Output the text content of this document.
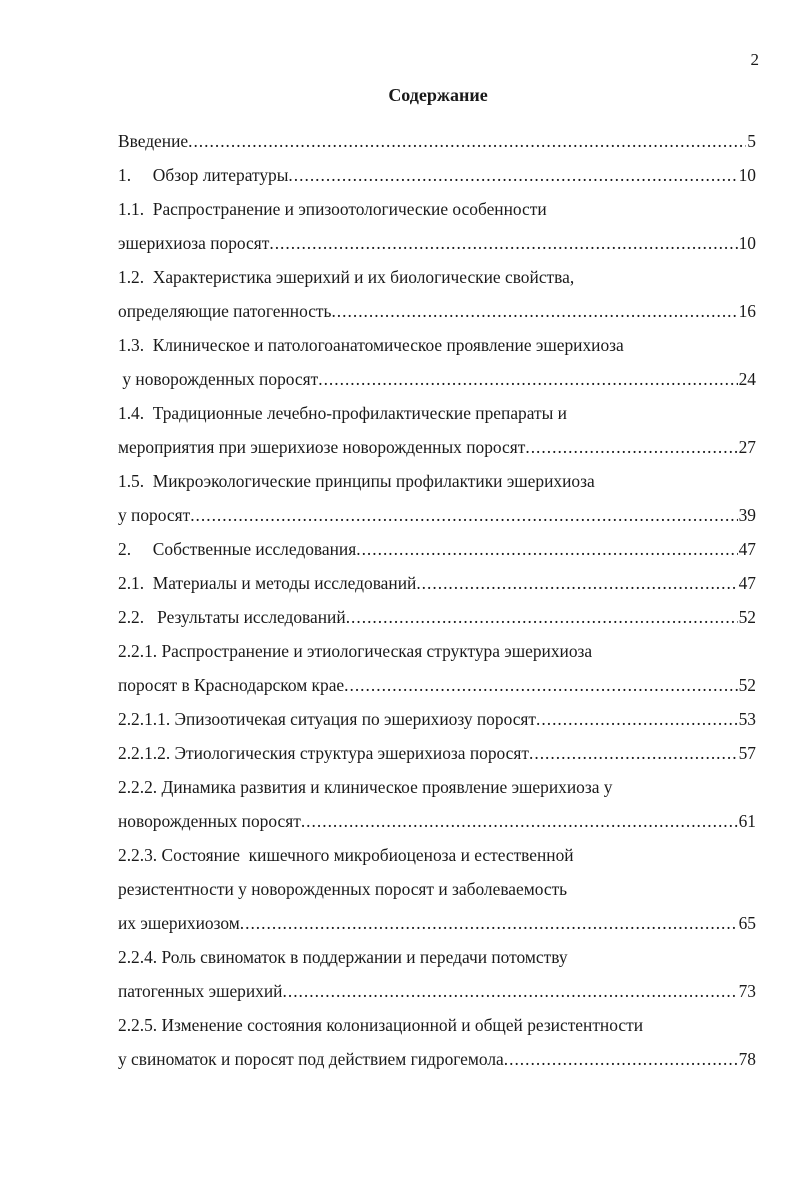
2
Содержание
Введение .....	5
1.     Обзор литературы .....	10
1.1.  Распространение и эпизоотологические особенности
эшерихиоза поросят .....	10
1.2.  Характеристика эшерихий и их биологические свойства,
определяющие патогенность .....	16
1.3.  Клиническое и патологоанатомическое проявление эшерихиоза
у новорожденных поросят .....	24
1.4.  Традиционные лечебно-профилактические препараты и
мероприятия при эшерихиозе новорожденных поросят .....	27
1.5.  Микроэкологические принципы профилактики эшерихиоза
у поросят .....	39
2.     Собственные исследования .....	47
2.1.  Материалы и методы исследований .....	47
2.2.   Результаты исследований .....	52
2.2.1. Распространение и этиологическая структура эшерихиоза
поросят в Краснодарском крае .....	52
2.2.1.1. Эпизоотичекая ситуация по эшерихиозу поросят .....	53
2.2.1.2. Этиологическия структура эшерихиоза поросят .....	57
2.2.2. Динамика развития и клиническое проявление эшерихиоза у
новорожденных поросят .....	61
2.2.3. Состояние  кишечного микробиоценоза и естественной
резистентности у новорожденных поросят и заболеваемость
их эшерихиозом .....	65
2.2.4. Роль свиноматок в поддержании и передачи потомству
патогенных эшерихий .....	73
2.2.5. Изменение состояния колонизационной и общей резистентности
у свиноматок и поросят под действием гидрогемола .....	78
